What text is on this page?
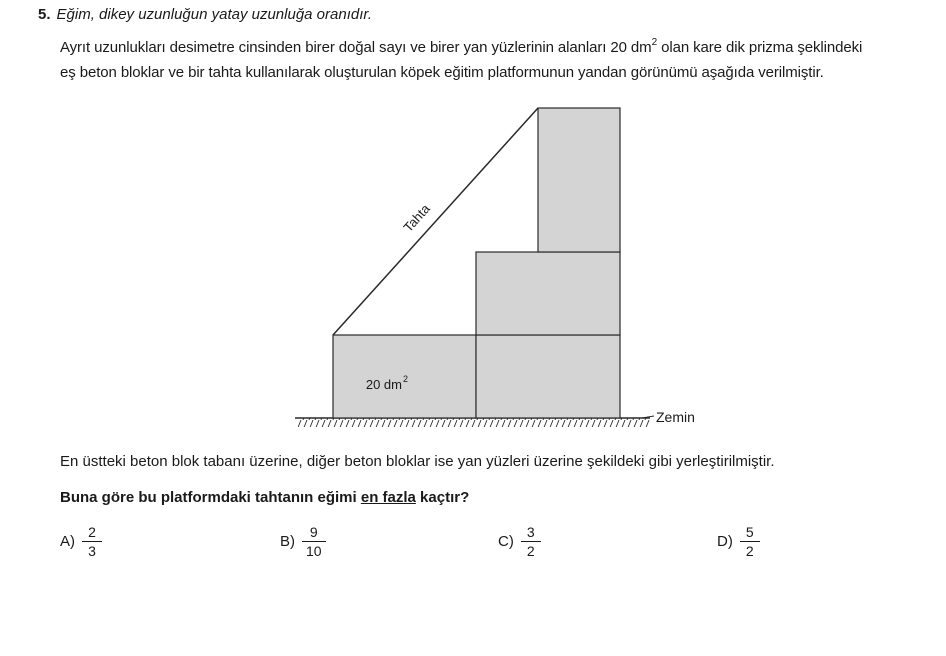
5. Eğim, dikey uzunluğun yatay uzunluğa oranıdır.
Ayrıt uzunlukları desimetre cinsinden birer doğal sayı ve birer yan yüzlerinin alanları 20 $dm^2$ olan kare dik prizma şeklindeki
eş beton bloklar ve bir tahta kullanılarak oluşturulan köpek eğitim platformunun yandan görünümü aşağıda verilmiştir.
Tahta
20 dm 2
Zemin
En üstteki beton blok tabanı üzerine, diğer beton bloklar ise yan yüzleri üzerine şekildeki gibi yerleştirilmiştir.
Buna göre bu platformdaki tahtanın eğimi en fazla kaçtır?
$A) \frac{2}{3}$	$B) \frac{9}{10}$	$C) \frac{3}{2}$	$D) \frac{5}{2}$
